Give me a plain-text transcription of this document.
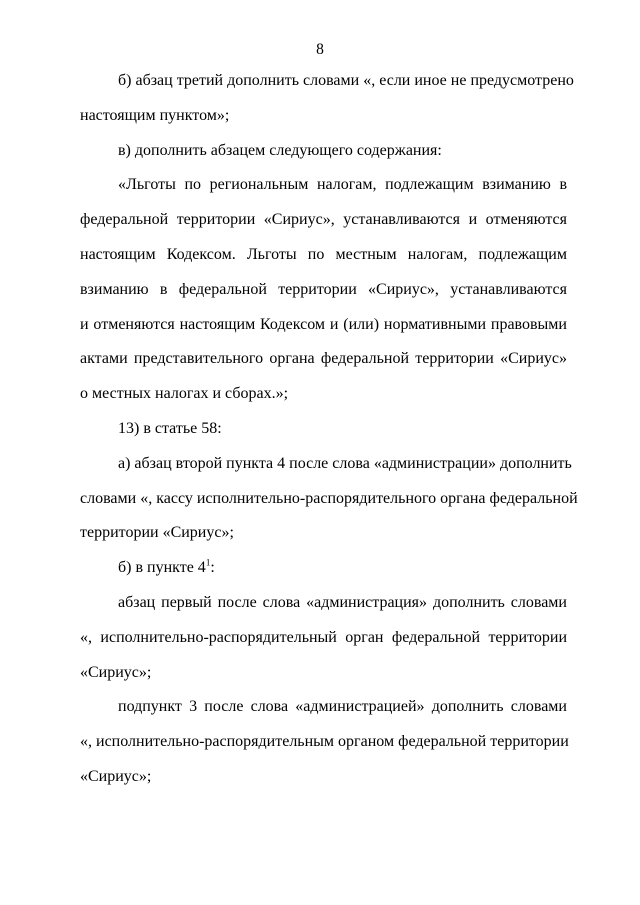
8
б) абзац третий дополнить словами «, если иное не предусмотрено
настоящим пунктом»;
в) дополнить абзацем следующего содержания:
«Льготы по региональным налогам, подлежащим взиманию в
федеральной территории «Сириус», устанавливаются и отменяются
настоящим Кодексом. Льготы по местным налогам, подлежащим
взиманию в федеральной территории «Сириус», устанавливаются
и отменяются настоящим Кодексом и (или) нормативными правовыми
актами представительного органа федеральной территории «Сириус»
о местных налогах и сборах.»;
13) в статье 58:
а) абзац второй пункта 4 после слова «администрации» дополнить
словами «, кассу исполнительно-распорядительного органа федеральной
территории «Сириус»;
б) в пункте $4^1$:
абзац первый после слова «администрация» дополнить словами
«, исполнительно-распорядительный орган федеральной территории
«Сириус»;
подпункт 3 после слова «администрацией» дополнить словами
«, исполнительно-распорядительным органом федеральной территории
«Сириус»;
